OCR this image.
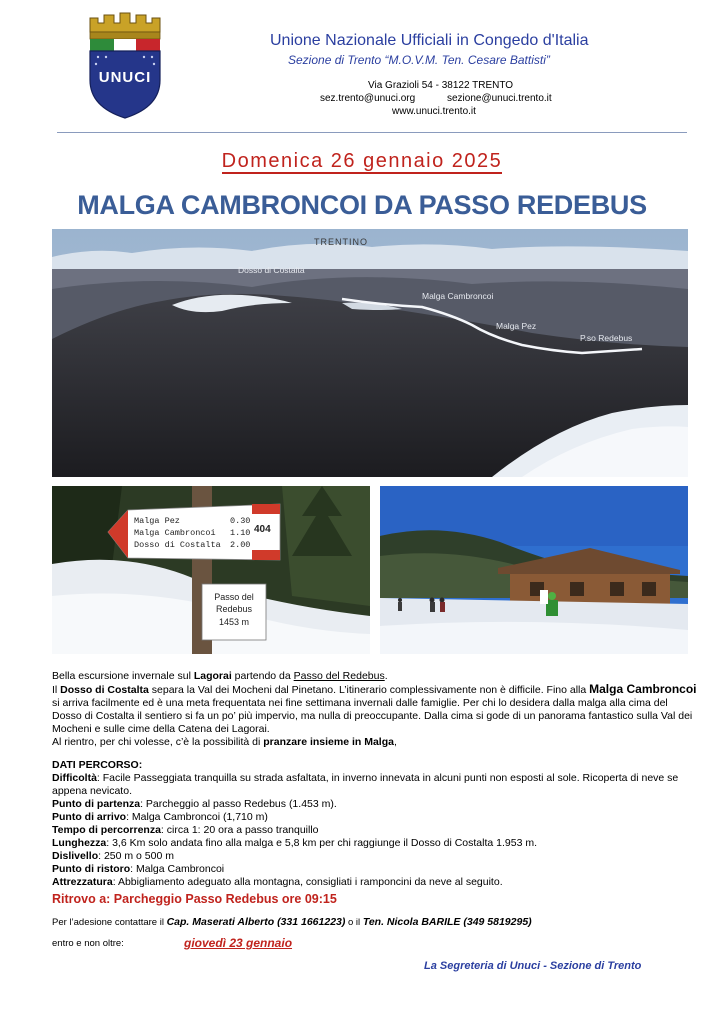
UNUCI
Unione Nazionale Ufficiali in Congedo d'Italia
Sezione di Trento “M.O.V.M. Ten. Cesare Battisti”
Via Grazioli 54 - 38122 TRENTO
sez.trento@unuci.org	sezione@unuci.trento.it
www.unuci.trento.it
Domenica 26 gennaio 2025
MALGA CAMBRONCOI DA PASSO REDEBUS
TRENTINO
Dosso di Costalta
Malga Cambroncoi
Malga Pez
P.so Redebus
Malga Pez	0.30
Malga Cambroncoi 1.10
Dosso di Costalta 2.00
404
Passo del
Redebus
1453 m
Bella escursione invernale sul Lagorai partendo da Passo del Redebus.
Il Dosso di Costalta separa la Val dei Mocheni dal Pinetano. L’itinerario complessivamente non è difficile. Fino alla Malga Cambroncoi si arriva facilmente ed è una meta frequentata nei fine settimana invernali dalle famiglie. Per chi lo desidera dalla malga alla cima del Dosso di Costalta il sentiero si fa un po’ più impervio, ma nulla di preoccupante. Dalla cima si gode di un panorama fantastico sulla Val dei Mocheni e sulle cime della Catena dei Lagorai.
Al rientro, per chi volesse, c’è la possibilità di pranzare insieme in Malga,
DATI PERCORSO:
Difficoltà: Facile Passeggiata tranquilla su strada asfaltata, in inverno innevata in alcuni punti non esposti al sole. Ricoperta di neve se appena nevicato.
Punto di partenza: Parcheggio al passo Redebus (1.453 m).
Punto di arrivo: Malga Cambroncoi (1,710 m)
Tempo di percorrenza: circa 1: 20 ora a passo tranquillo
Lunghezza: 3,6 Km solo andata fino alla malga e 5,8 km per chi raggiunge il Dosso di Costalta 1.953 m.
Dislivello: 250 m o 500 m
Punto di ristoro: Malga Cambroncoi
Attrezzatura: Abbigliamento adeguato alla montagna, consigliati i ramponcini da neve al seguito.
Ritrovo a: Parcheggio Passo Redebus ore 09:15
Per l’adesione contattare il Cap. Maserati Alberto (331 1661223) o il Ten. Nicola BARILE (349 5819295)
entro e non oltre:	giovedì 23 gennaio
La Segreteria di Unuci - Sezione di Trento
